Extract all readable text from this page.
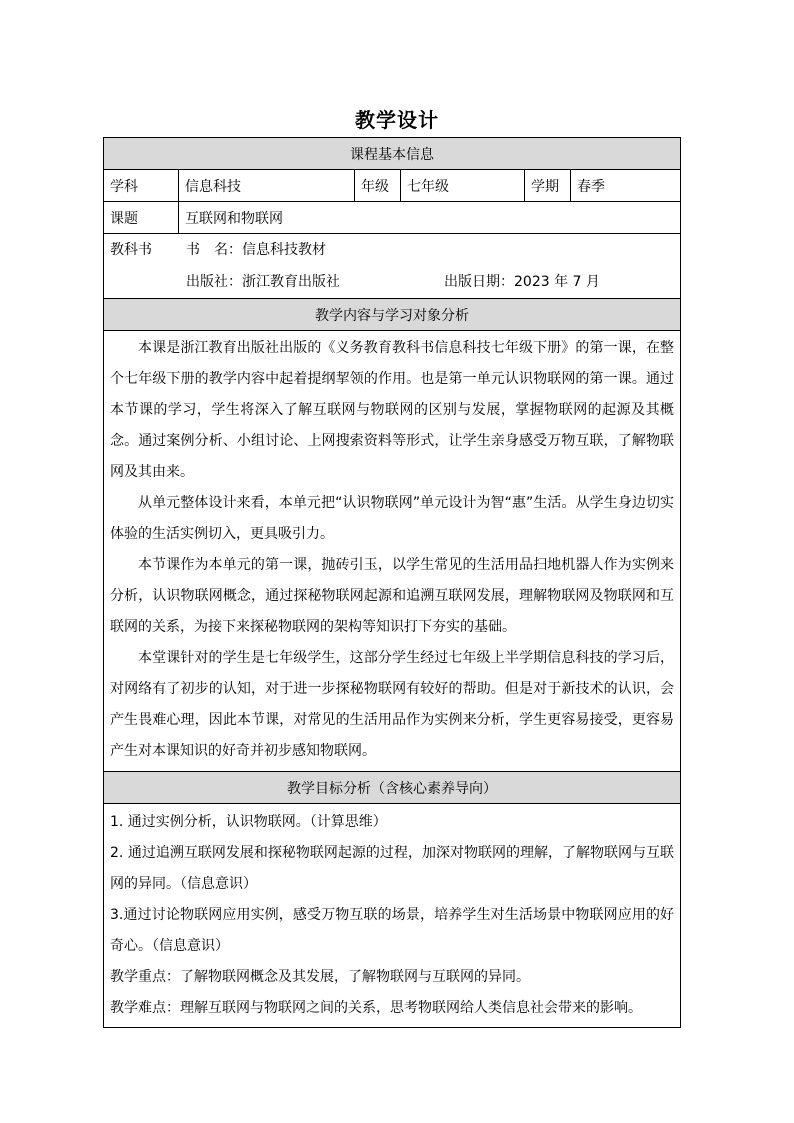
教学设计
课程基本信息					
学科	信息科技	年级	七年级	学期	春季
课题	互联网和物联网				

教科书 书　名：信息科技教材
出版社：浙江教育出版社 出版日期：2023 年 7 月					

教学内容与学习对象分析					

本课是浙江教育出版社出版的《义务教育教科书信息科技七年级下册》的第一课，在整个七年级下册的教学内容中起着提纲挈领的作用。也是第一单元认识物联网的第一课。通过本节课的学习，学生将深入了解互联网与物联网的区别与发展，掌握物联网的起源及其概念。通过案例分析、小组讨论、上网搜索资料等形式，让学生亲身感受万物互联，了解物联网及其由来。

从单元整体设计来看，本单元把“认识物联网”单元设计为智“惠”生活。从学生身边切实体验的生活实例切入，更具吸引力。

本节课作为本单元的第一课，抛砖引玉，以学生常见的生活用品扫地机器人作为实例来分析，认识物联网概念，通过探秘物联网起源和追溯互联网发展，理解物联网及物联网和互联网的关系，为接下来探秘物联网的架构等知识打下夯实的基础。

本堂课针对的学生是七年级学生，这部分学生经过七年级上半学期信息科技的学习后，对网络有了初步的认知，对于进一步探秘物联网有较好的帮助。但是对于新技术的认识，会产生畏难心理，因此本节课，对常见的生活用品作为实例来分析，学生更容易接受，更容易产生对本课知识的好奇并初步感知物联网。					

教学目标分析（含核心素养导向）					

1. 通过实例分析，认识物联网。（计算思维）

2. 通过追溯互联网发展和探秘物联网起源的过程，加深对物联网的理解，了解物联网与互联网的异同。（信息意识）

3.通过讨论物联网应用实例，感受万物互联的场景，培养学生对生活场景中物联网应用的好奇心。（信息意识）

教学重点：了解物联网概念及其发展，了解物联网与互联网的异同。

教学难点：理解互联网与物联网之间的关系，思考物联网给人类信息社会带来的影响。					
